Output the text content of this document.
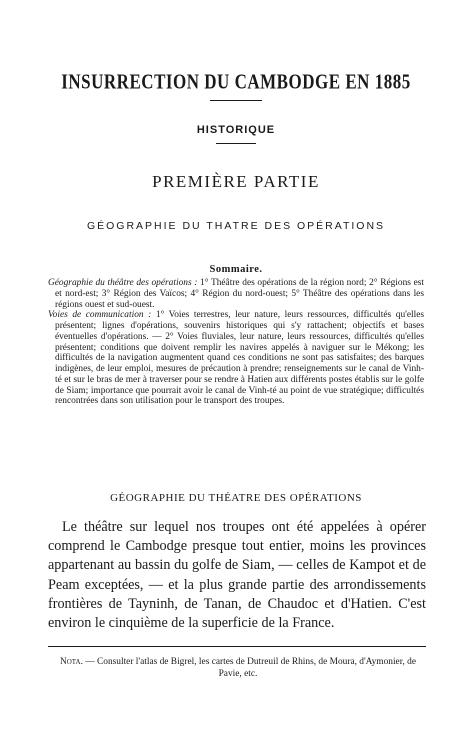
INSURRECTION DU CAMBODGE EN 1885
HISTORIQUE
PREMIÈRE PARTIE
GÉOGRAPHIE DU THATRE DES OPÉRATIONS
Sommaire.

Géographie du théâtre des opérations : 1° Théâtre des opérations de la région nord; 2° Régions est et nord-est; 3° Région des Vaïcos; 4° Région du nord-ouest; 5° Théâtre des opérations dans les régions ouest et sud-ouest.

Voies de communication : 1° Voies terrestres, leur nature, leurs ressources, difficultés qu'elles présentent; lignes d'opérations, souvenirs historiques qui s'y rattachent; objectifs et bases éventuelles d'opérations. — 2° Voies fluviales, leur nature, leurs ressources, difficultés qu'elles présentent; conditions que doivent remplir les navires appelés à naviguer sur le Mékong; les difficultés de la navigation augmentent quand ces conditions ne sont pas satisfaites; des barques indigènes, de leur emploi, mesures de précaution à prendre; renseignements sur le canal de Vinh-té et sur le bras de mer à traverser pour se rendre à Hatien aux différents postes établis sur le golfe de Siam; importance que pourrait avoir le canal de Vinh-té au point de vue stratégique; difficultés rencontrées dans son utilisation pour le transport des troupes.

GÉOGRAPHIE DU THÉATRE DES OPÉRATIONS

Le théâtre sur lequel nos troupes ont été appelées à opérer comprend le Cambodge presque tout entier, moins les provinces appartenant au bassin du golfe de Siam, — celles de Kampot et de Peam exceptées, — et la plus grande partie des arrondissements frontières de Tayninh, de Tanan, de Chaudoc et d'Hatien. C'est environ le cinquième de la superficie de la France.

Nota. — Consulter l'atlas de Bigrel, les cartes de Dutreuil de Rhins, de Moura, d'Aymonier, de Pavie, etc.
